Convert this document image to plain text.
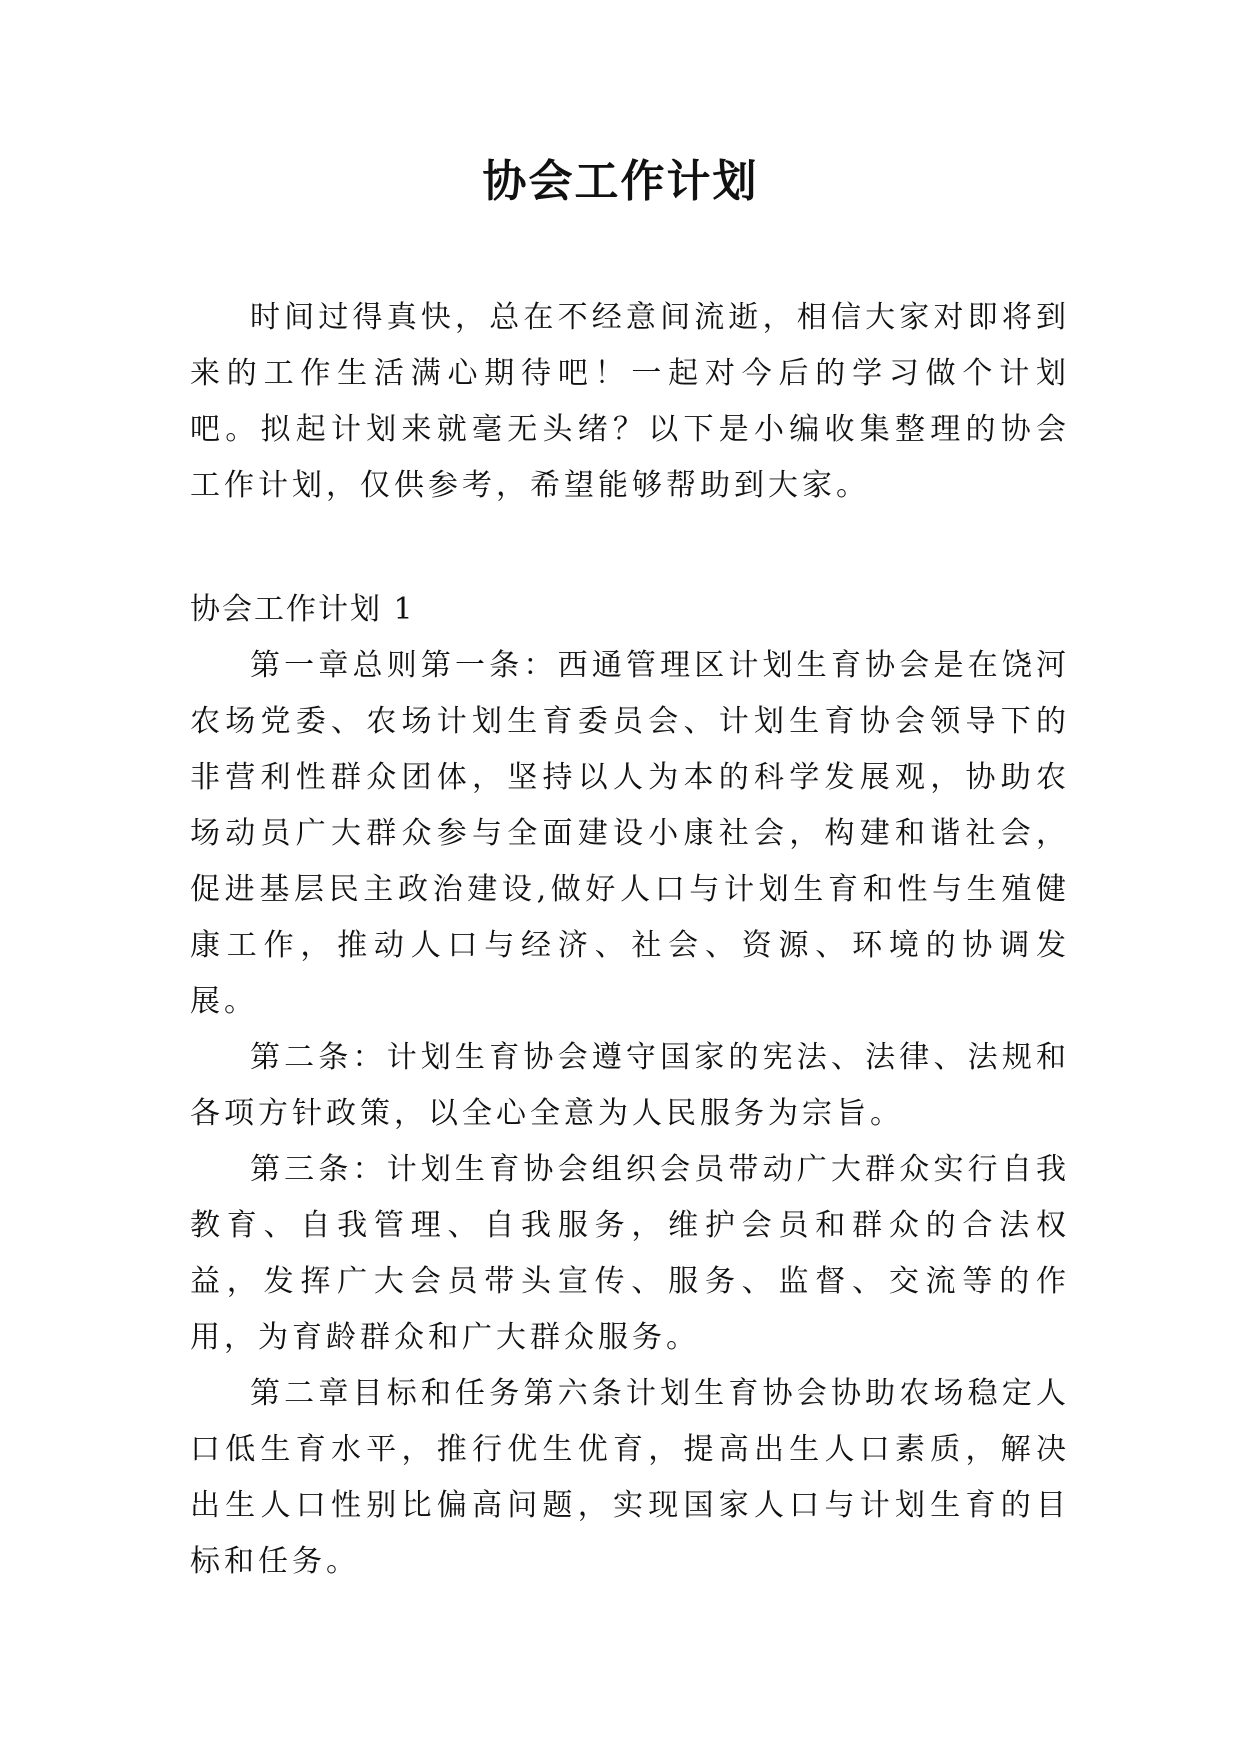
协会工作计划

时间过得真快，总在不经意间流逝，相信大家对即将到来的工作生活满心期待吧！一起对今后的学习做个计划吧。拟起计划来就毫无头绪？以下是小编收集整理的协会工作计划，仅供参考，希望能够帮助到大家。

协会工作计划 1

第一章总则第一条：西通管理区计划生育协会是在饶河农场党委、农场计划生育委员会、计划生育协会领导下的非营利性群众团体，坚持以人为本的科学发展观，协助农场动员广大群众参与全面建设小康社会，构建和谐社会，促进基层民主政治建设,做好人口与计划生育和性与生殖健康工作，推动人口与经济、社会、资源、环境的协调发展。

第二条：计划生育协会遵守国家的宪法、法律、法规和各项方针政策，以全心全意为人民服务为宗旨。

第三条：计划生育协会组织会员带动广大群众实行自我教育、自我管理、自我服务，维护会员和群众的合法权益，发挥广大会员带头宣传、服务、监督、交流等的作用，为育龄群众和广大群众服务。

第二章目标和任务第六条计划生育协会协助农场稳定人口低生育水平，推行优生优育，提高出生人口素质，解决出生人口性别比偏高问题，实现国家人口与计划生育的目标和任务。
